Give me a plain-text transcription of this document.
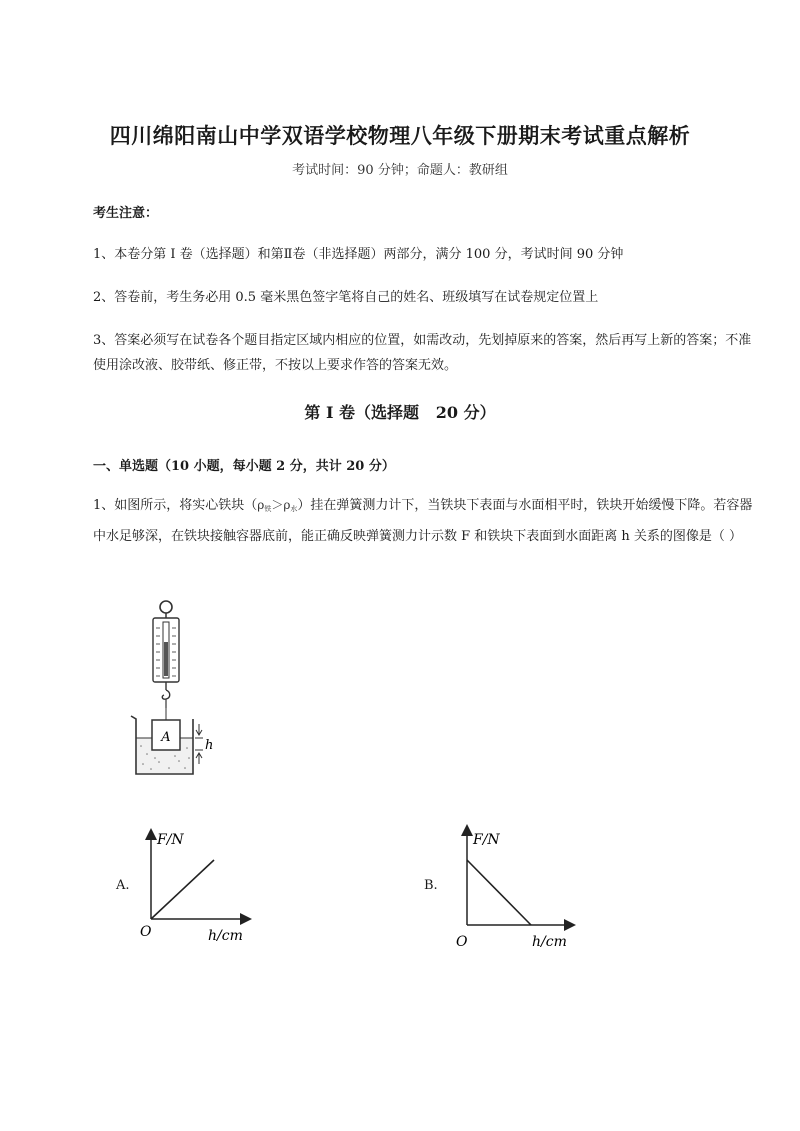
四川绵阳南山中学双语学校物理八年级下册期末考试重点解析
考试时间：90 分钟；命题人：教研组
考生注意：
1、本卷分第 I 卷（选择题）和第Ⅱ卷（非选择题）两部分，满分 100 分，考试时间 90 分钟
2、答卷前，考生务必用 0.5 毫米黑色签字笔将自己的姓名、班级填写在试卷规定位置上
3、答案必须写在试卷各个题目指定区域内相应的位置，如需改动，先划掉原来的答案，然后再写上新的答案；不准使用涂改液、胶带纸、修正带，不按以上要求作答的答案无效。
第 I 卷（选择题   20 分）
一、单选题（10 小题，每小题 2 分，共计 20 分）
1、如图所示，将实心铁块$(\rho_铁>\rho_水)$挂在弹簧测力计下，当铁块下表面与水面相平时，铁块开始缓慢下降。若容器中水足够深，在铁块接触容器底前，能正确反映弹簧测力计示数 F 和铁块下表面到水面距离 h 关系的图像是（ ）
A
h
A.
F/N
h/cm
O
B.
F/N
h/cm
O
